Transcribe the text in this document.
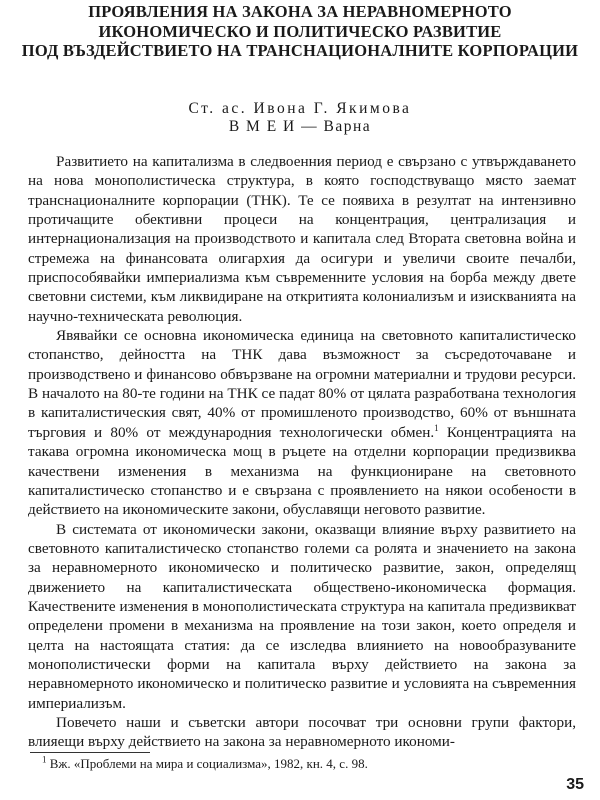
ПРОЯВЛЕНИЯ НА ЗАКОНА ЗА НЕРАВНОМЕРНОТО
ИКОНОМИЧЕСКО И ПОЛИТИЧЕСКО РАЗВИТИЕ
ПОД ВЪЗДЕЙСТВИЕТО НА ТРАНСНАЦИОНАЛНИТЕ КОРПОРАЦИИ
Ст. ас. Ивона Г. Якимова
В М Е И — Варна

Развитието на капитализма в следвоенния период е свързано с утвърждаването на нова монополистическа структура, в която господствуващо място заемат транснационалните корпорации (ТНК). Те се появиха в резултат на интензивно протичащите обективни процеси на концентрация, централизация и интернационализация на производството и капитала след Втората световна война и стремежа на финансовата олигархия да осигури и увеличи своите печалби, приспособявайки империализма към съвременните условия на борба между двете световни системи, към ликвидиране на откритията колониализъм и изискванията на научно-техническата революция.

Явявайки се основна икономическа единица на световното капиталистическо стопанство, дейността на ТНК дава възможност за съсредоточаване и производствено и финансово обвързване на огромни материални и трудови ресурси. В началото на 80-те години на ТНК се падат 80% от цялата разработвана технология в капиталистическия свят, 40% от промишленото производство, 60% от външната търговия и 80% от международния технологически обмен.$^1$ Концентрацията на такава огромна икономическа мощ в ръцете на отделни корпорации предизвиква качествени изменения в механизма на функциониране на световното капиталистическо стопанство и е свързана с проявлението на някои особености в действието на икономическите закони, обуславящи неговото развитие.

В системата от икономически закони, оказващи влияние върху развитието на световното капиталистическо стопанство големи са ролята и значението на закона за неравномерното икономическо и политическо развитие, закон, определящ движението на капиталистическата обществено-икономическа формация. Качествените изменения в монополистическата структура на капитала предизвикват определени промени в механизма на проявление на този закон, което определя и целта на настоящата статия: да се изследва влиянието на новообразуваните монополистически форми на капитала върху действието на закона за неравномерното икономическо и политическо развитие и условията на съвременния империализъм.

Повечето наши и съветски автори посочват три основни групи фактори, влияещи върху действието на закона за неравномерното икономи-

$^1$ Вж. «Проблеми на мира и социализма», 1982, кн. 4, с. 98.
35
